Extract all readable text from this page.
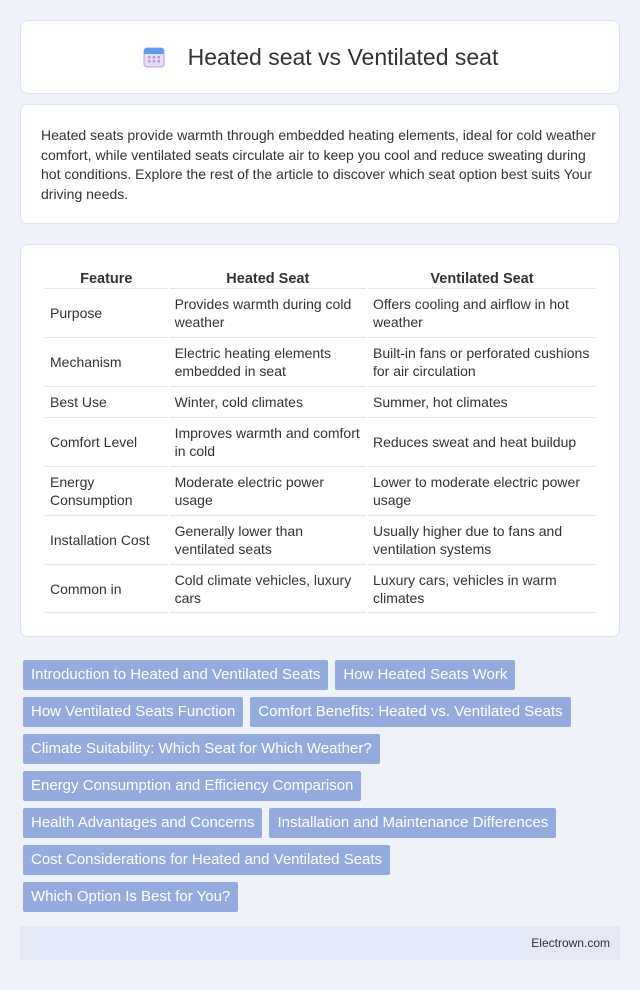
Heated seat vs Ventilated seat

Heated seats provide warmth through embedded heating elements, ideal for cold weather comfort, while ventilated seats circulate air to keep you cool and reduce sweating during hot conditions. Explore the rest of the article to discover which seat option best suits Your driving needs.

Feature	Heated Seat	Ventilated Seat
Purpose	Provides warmth during cold weather	Offers cooling and airflow in hot weather
Mechanism	Electric heating elements embedded in seat	Built-in fans or perforated cushions for air circulation
Best Use	Winter, cold climates	Summer, hot climates
Comfort Level	Improves warmth and comfort in cold	Reduces sweat and heat buildup
Energy Consumption	Moderate electric power usage	Lower to moderate electric power usage
Installation Cost	Generally lower than ventilated seats	Usually higher due to fans and ventilation systems
Common in	Cold climate vehicles, luxury cars	Luxury cars, vehicles in warm climates
Introduction to Heated and Ventilated Seats	How Heated Seats Work
How Ventilated Seats Function	Comfort Benefits: Heated vs. Ventilated Seats
Climate Suitability: Which Seat for Which Weather?
Energy Consumption and Efficiency Comparison
Health Advantages and Concerns	Installation and Maintenance Differences
Cost Considerations for Heated and Ventilated Seats
Which Option Is Best for You?
Electrown.com
